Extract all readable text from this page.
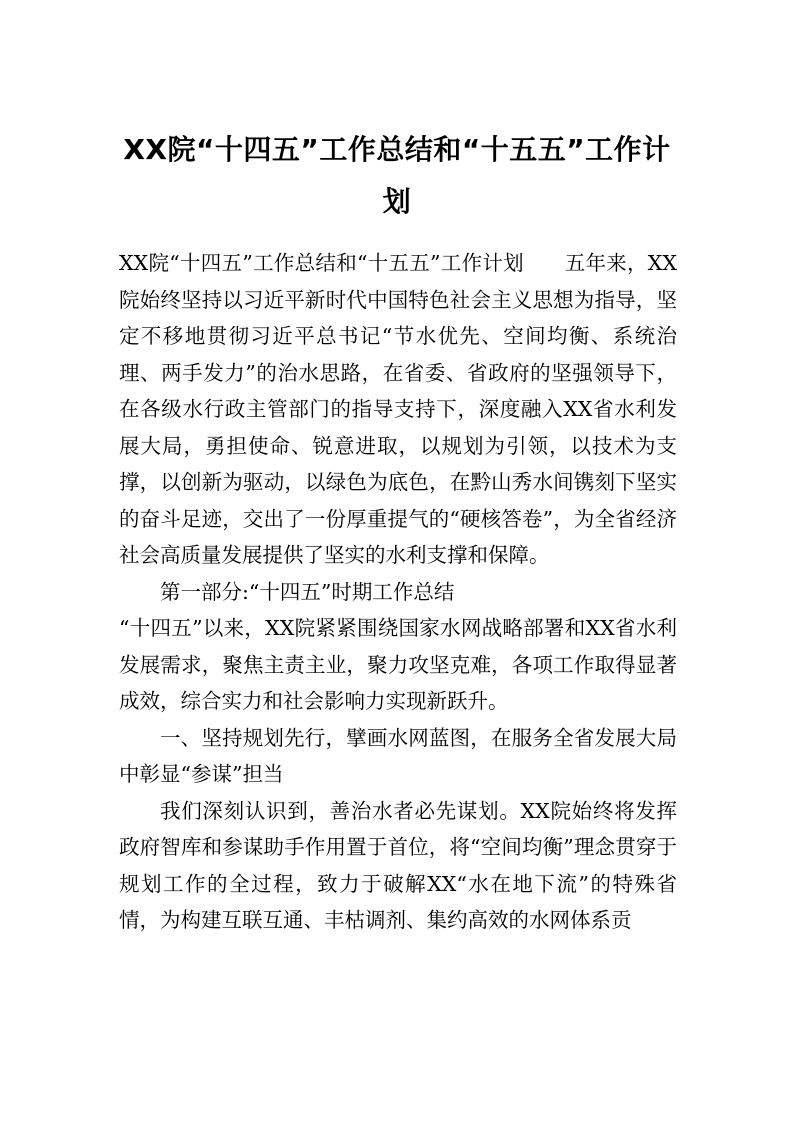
XX院“十四五”工作总结和“十五五”工作计划

XX院“十四五”工作总结和“十五五”工作计划 五年来，XX院始终坚持以习近平新时代中国特色社会主义思想为指导，坚定不移地贯彻习近平总书记“节水优先、空间均衡、系统治理、两手发力”的治水思路，在省委、省政府的坚强领导下，在各级水行政主管部门的指导支持下，深度融入XX省水利发展大局，勇担使命、锐意进取，以规划为引领，以技术为支撑，以创新为驱动，以绿色为底色，在黔山秀水间镌刻下坚实的奋斗足迹，交出了一份厚重提气的“硬核答卷”，为全省经济社会高质量发展提供了坚实的水利支撑和保障。

第一部分:“十四五”时期工作总结

“十四五”以来，XX院紧紧围绕国家水网战略部署和XX省水利发展需求，聚焦主责主业，聚力攻坚克难，各项工作取得显著成效，综合实力和社会影响力实现新跃升。

一、坚持规划先行，擘画水网蓝图，在服务全省发展大局中彰显“参谋”担当

我们深刻认识到，善治水者必先谋划。XX院始终将发挥政府智库和参谋助手作用置于首位，将“空间均衡”理念贯穿于规划工作的全过程，致力于破解XX“水在地下流”的特殊省情，为构建互联互通、丰枯调剂、集约高效的水网体系贡
